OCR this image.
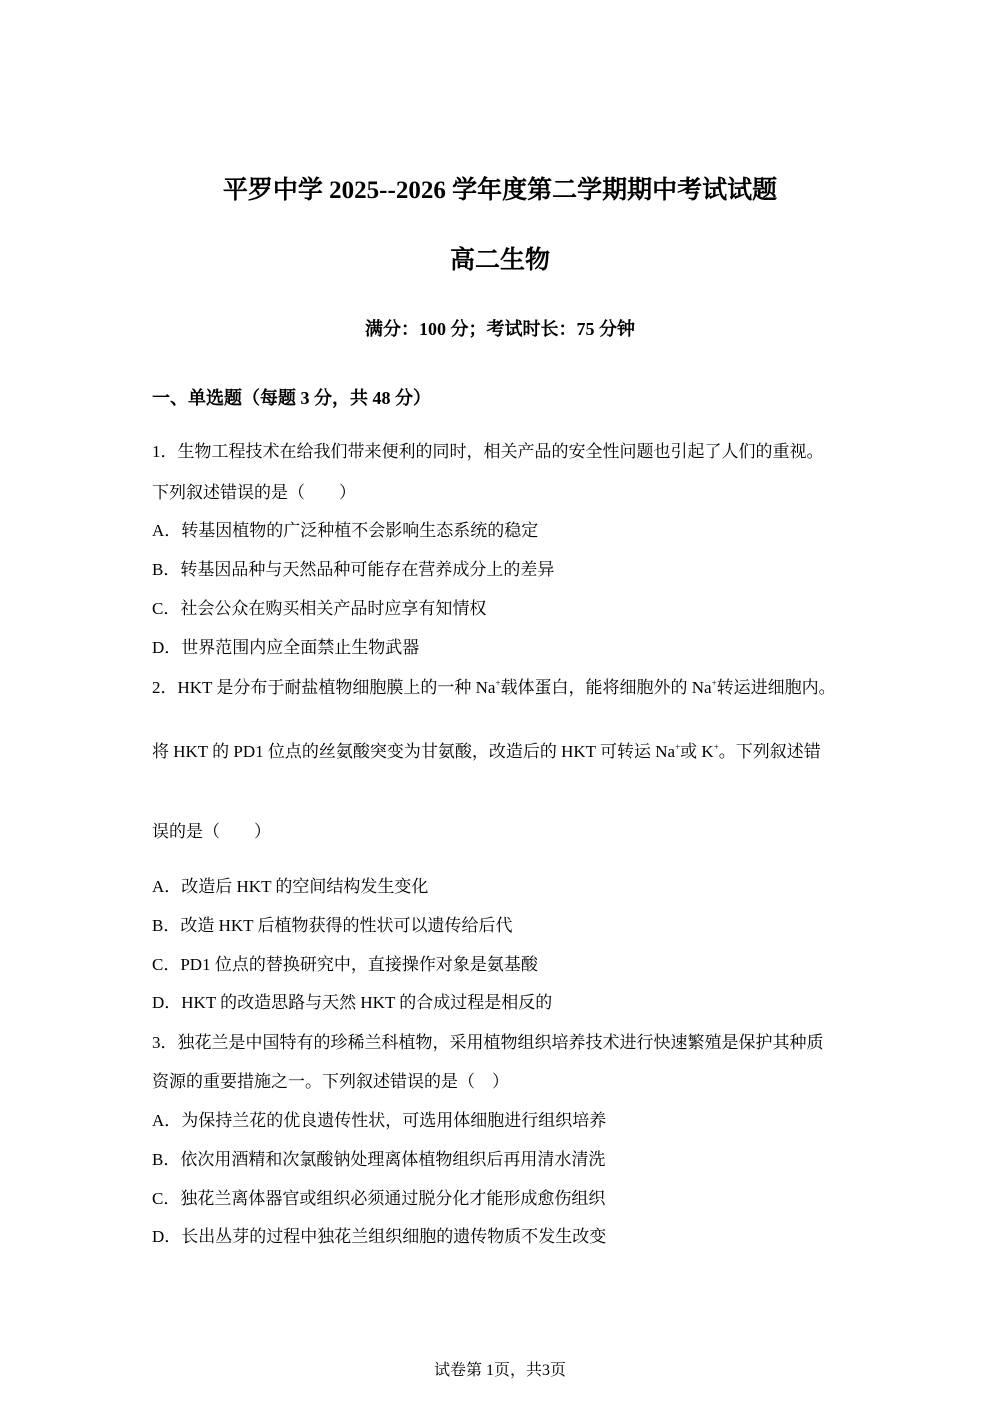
平罗中学 2025--2026 学年度第二学期期中考试试题
高二生物
满分：100 分；考试时长：75 分钟
一、单选题（每题 3 分，共 48 分）
1．生物工程技术在给我们带来便利的同时，相关产品的安全性问题也引起了人们的重视。
下列叙述错误的是（　　）
A．转基因植物的广泛种植不会影响生态系统的稳定
B．转基因品种与天然品种可能存在营养成分上的差异
C．社会公众在购买相关产品时应享有知情权
D．世界范围内应全面禁止生物武器
2．HKT 是分布于耐盐植物细胞膜上的一种 Na+载体蛋白，能将细胞外的 Na+转运进细胞内。
将 HKT 的 PD1 位点的丝氨酸突变为甘氨酸，改造后的 HKT 可转运 Na+或 K+。下列叙述错
误的是（　　）
A．改造后 HKT 的空间结构发生变化
B．改造 HKT 后植物获得的性状可以遗传给后代
C．PD1 位点的替换研究中，直接操作对象是氨基酸
D．HKT 的改造思路与天然 HKT 的合成过程是相反的
3．独花兰是中国特有的珍稀兰科植物，采用植物组织培养技术进行快速繁殖是保护其种质
资源的重要措施之一。下列叙述错误的是（　）
A．为保持兰花的优良遗传性状，可选用体细胞进行组织培养
B．依次用酒精和次氯酸钠处理离体植物组织后再用清水清洗
C．独花兰离体器官或组织必须通过脱分化才能形成愈伤组织
D．长出丛芽的过程中独花兰组织细胞的遗传物质不发生改变
试卷第 1页，共3页
